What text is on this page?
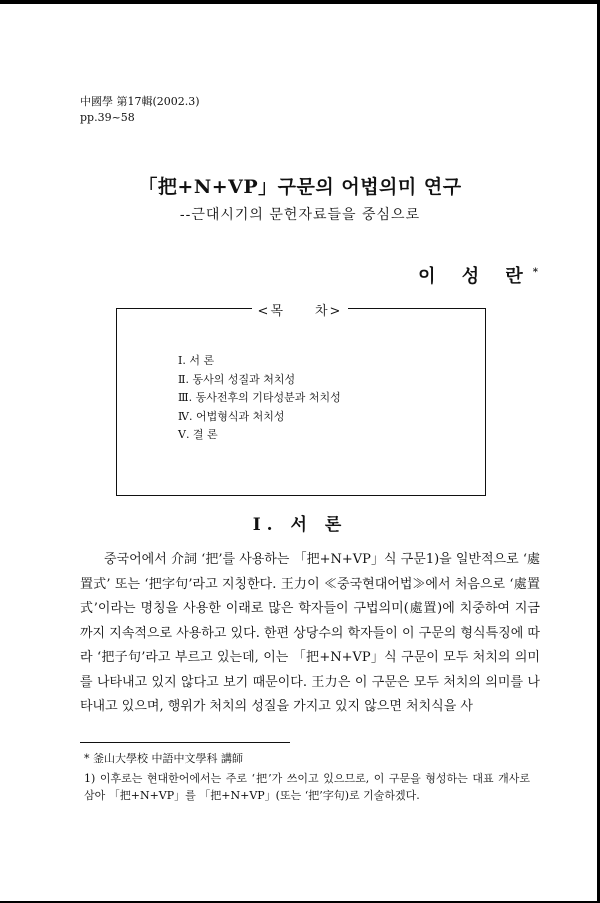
中國學 第17輯(2002.3)
pp.39~58
「把+N+VP」구문의 어법의미 연구
--근대시기의 문헌자료들을 중심으로
이 성 란*
<목　　차>
Ⅰ. 서 론
Ⅱ. 동사의 성질과 처치성
Ⅲ. 동사전후의 기타성분과 처치성
Ⅳ. 어법형식과 처치성
Ⅴ. 결 론
Ⅰ. 서 론

중국어에서 介詞 ‘把’를 사용하는 「把+N+VP」식 구문1)을 일반적으로 ‘處置式’ 또는 ‘把字句’라고 지칭한다. 王力이 ≪중국현대어법≫에서 처음으로 ‘處置式’이라는 명칭을 사용한 이래로 많은 학자들이 구법의미(處置)에 치중하여 지금까지 지속적으로 사용하고 있다. 한편 상당수의 학자들이 이 구문의 형식특징에 따라 ‘把子句’라고 부르고 있는데, 이는 「把+N+VP」식 구문이 모두 처치의 의미를 나타내고 있지 않다고 보기 때문이다. 王力은 이 구문은 모두 처치의 의미를 나타내고 있으며, 행위가 처치의 성질을 가지고 있지 않으면 처치식을 사

* 釜山大學校 中語中文學科 講師

1) 이후로는 현대한어에서는 주로 ‘把’가 쓰이고 있으므로, 이 구문을 형성하는 대표 개사로 삼아 「把+N+VP」를 「把+N+VP」(또는 ‘把’字句)로 기술하겠다.
